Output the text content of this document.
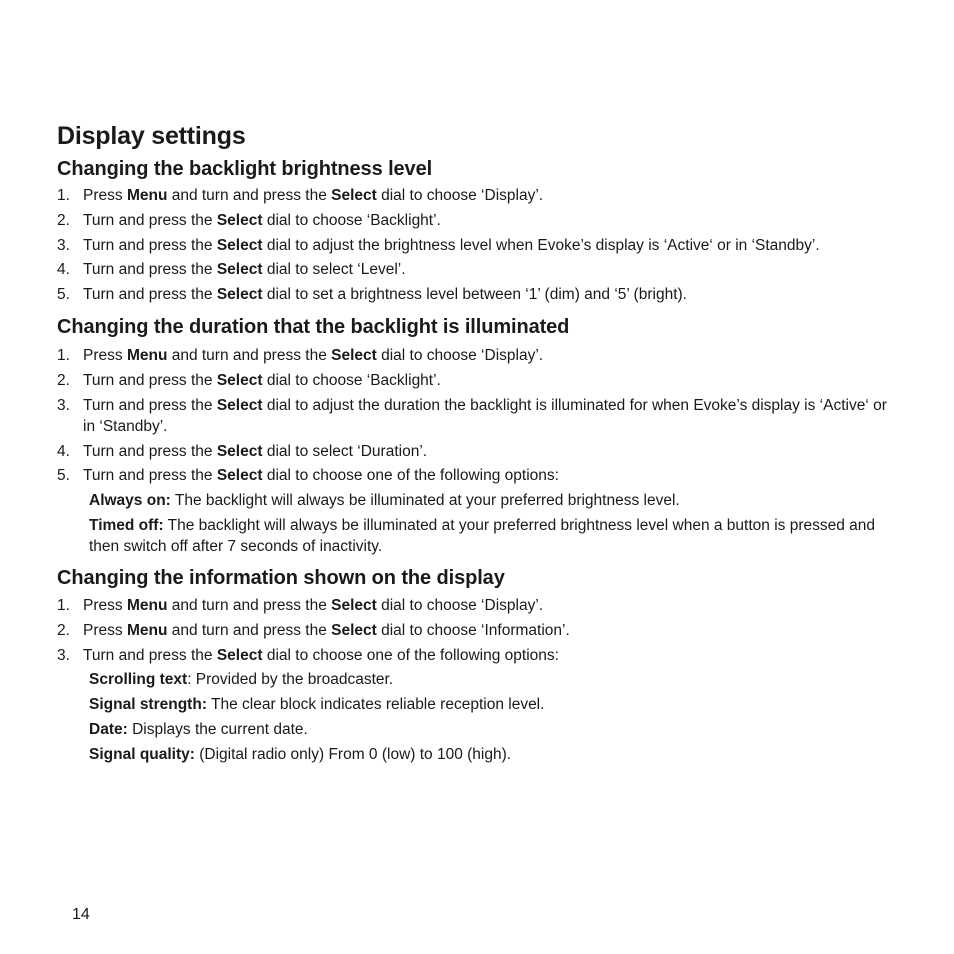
Display settings
Changing the backlight brightness level
1. Press Menu and turn and press the Select dial to choose ‘Display’.
2. Turn and press the Select dial to choose ‘Backlight’.
3. Turn and press the Select dial to adjust the brightness level when Evoke’s display is ‘Active‘ or in ‘Standby’.
4. Turn and press the Select dial to select ‘Level’.
5. Turn and press the Select dial to set a brightness level between ‘1’ (dim) and ‘5’ (bright).
Changing the duration that the backlight is illuminated
1. Press Menu and turn and press the Select dial to choose ‘Display’.
2. Turn and press the Select dial to choose ‘Backlight’.
3. Turn and press the Select dial to adjust the duration the backlight is illuminated for when Evoke’s display is ‘Active‘ or in ‘Standby’.
4. Turn and press the Select dial to select ‘Duration’.
5. Turn and press the Select dial to choose one of the following options:
Always on: The backlight will always be illuminated at your preferred brightness level.
Timed off: The backlight will always be illuminated at your preferred brightness level when a button is pressed and then switch off after 7 seconds of inactivity.
Changing the information shown on the display
1. Press Menu and turn and press the Select dial to choose ‘Display’.
2. Press Menu and turn and press the Select dial to choose ‘Information’.
3. Turn and press the Select dial to choose one of the following options:
Scrolling text: Provided by the broadcaster.
Signal strength: The clear block indicates reliable reception level.
Date: Displays the current date.
Signal quality: (Digital radio only) From 0 (low) to 100 (high).
14
